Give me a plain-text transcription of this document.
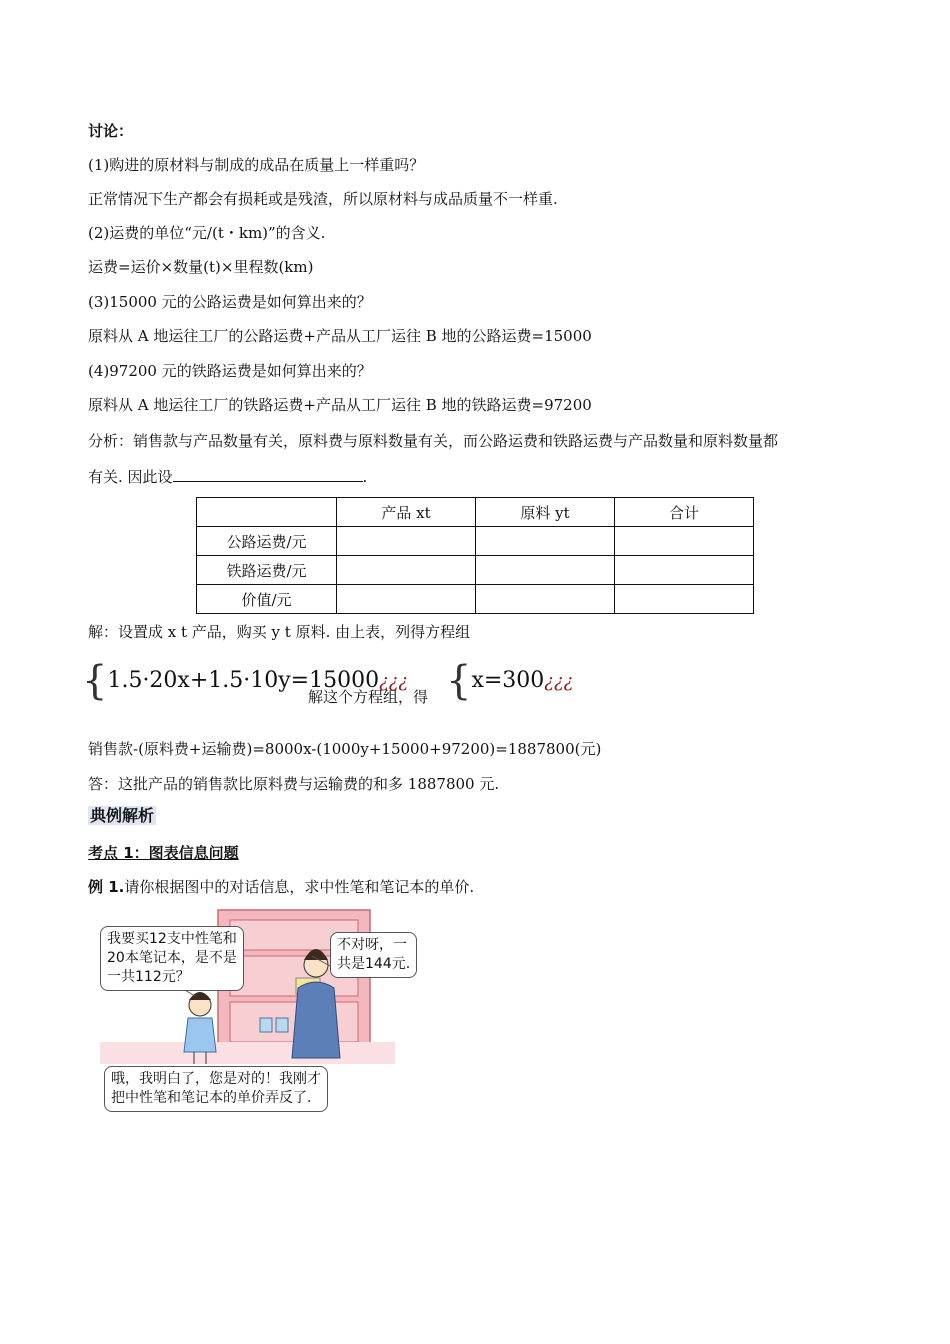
讨论：
(1)购进的原材料与制成的成品在质量上一样重吗？
正常情况下生产都会有损耗或是残渣，所以原材料与成品质量不一样重.
(2)运费的单位“元/(t・km)”的含义.
运费=运价×数量(t)×里程数(km)
(3)15000 元的公路运费是如何算出来的？
原料从 A 地运往工厂的公路运费+产品从工厂运往 B 地的公路运费=15000
(4)97200 元的铁路运费是如何算出来的？
原料从 A 地运往工厂的铁路运费+产品从工厂运往 B 地的铁路运费=97200
分析：销售款与产品数量有关，原料费与原料数量有关，而公路运费和铁路运费与产品数量和原料数量都
有关. 因此设	.
	产品 xt	原料 yt	合计
公路运费/元			
铁路运费/元			
价值/元			
解：设置成 x t 产品，购买 y t 原料. 由上表，列得方程组
{1.5·20x+1.5·10y=15000¿¿¿
解这个方程组，得 {x=300¿¿¿
销售款-(原料费+运输费)=8000x-(1000y+15000+97200)=1887800(元)
答：这批产品的销售款比原料费与运输费的和多 1887800 元.
典例解析
考点 1：图表信息问题
例 1.请你根据图中的对话信息，求中性笔和笔记本的单价.
我要买12支中性笔和
20本笔记本，是不是
一共112元？
不对呀，一
共是144元.
哦，我明白了，您是对的！我刚才
把中性笔和笔记本的单价弄反了.
